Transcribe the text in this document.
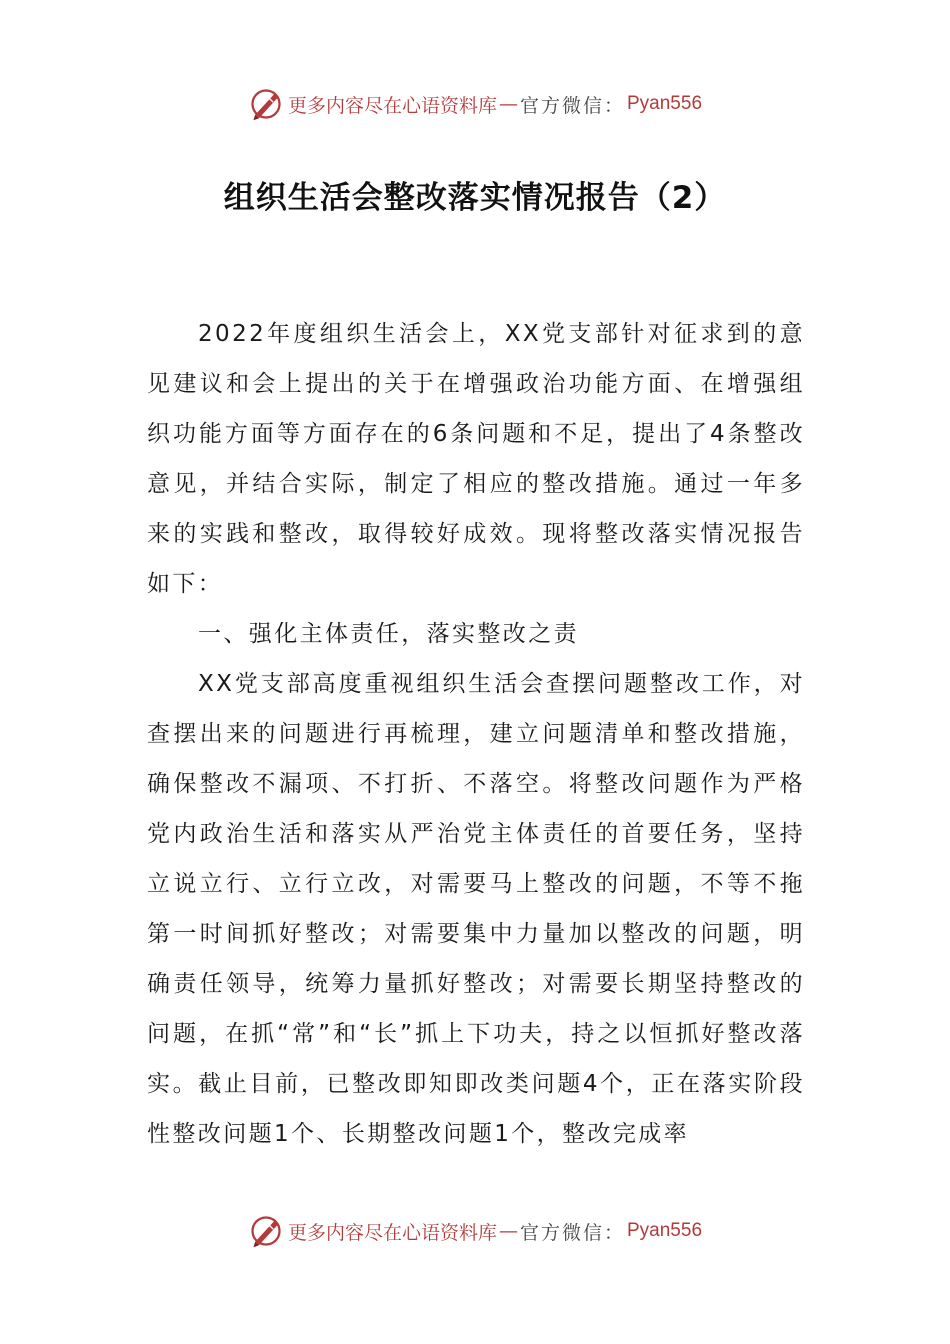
更多内容尽在心语资料库 — 官方微信： Pyan556
组织生活会整改落实情况报告（2）

2022年度组织生活会上，XX党支部针对征求到的意见建议和会上提出的关于在增强政治功能方面、在增强组织功能方面等方面存在的6条问题和不足，提出了4条整改意见，并结合实际，制定了相应的整改措施。通过一年多来的实践和整改，取得较好成效。现将整改落实情况报告如下：

一、强化主体责任，落实整改之责

XX党支部高度重视组织生活会查摆问题整改工作，对查摆出来的问题进行再梳理，建立问题清单和整改措施，确保整改不漏项、不打折、不落空。将整改问题作为严格党内政治生活和落实从严治党主体责任的首要任务，坚持立说立行、立行立改，对需要马上整改的问题，不等不拖第一时间抓好整改；对需要集中力量加以整改的问题，明确责任领导，统筹力量抓好整改；对需要长期坚持整改的问题，在抓“常”和“长”抓上下功夫，持之以恒抓好整改落实。截止目前，已整改即知即改类问题4个，正在落实阶段性整改问题1个、长期整改问题1个，整改完成率

更多内容尽在心语资料库 — 官方微信： Pyan556
